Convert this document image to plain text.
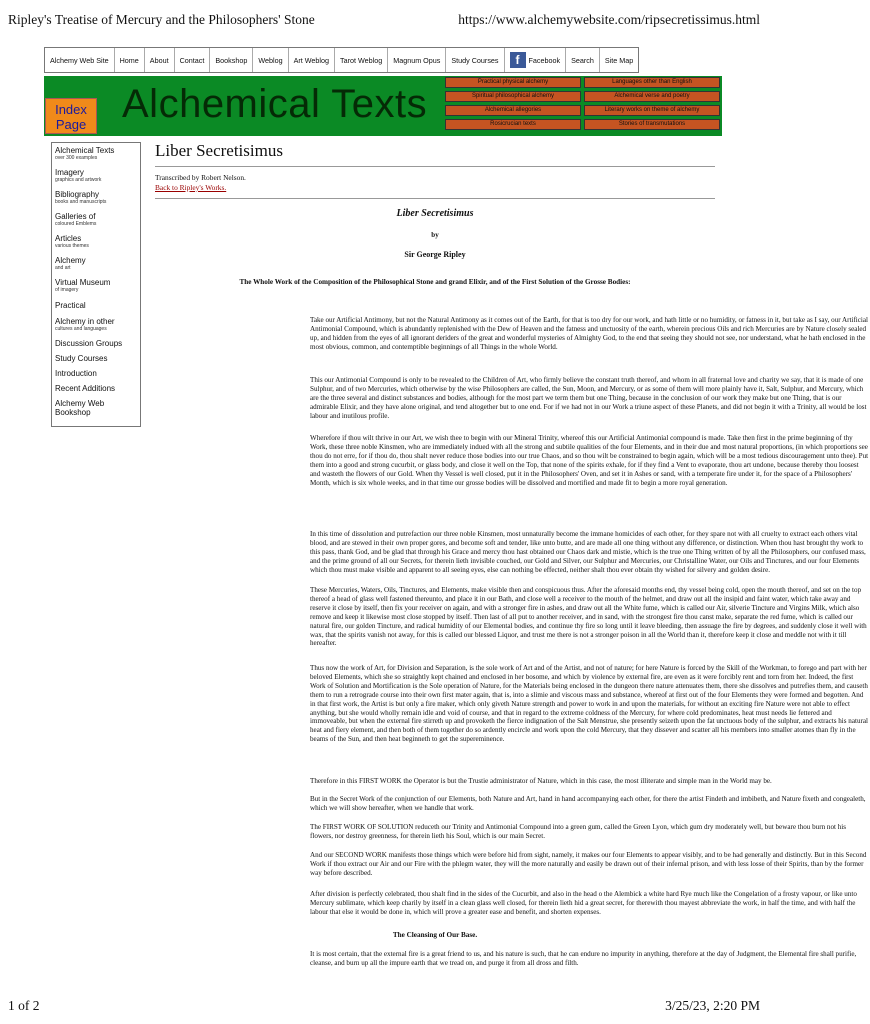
Ripley's Treatise of Mercury and the Philosophers' Stone	https://www.alchemywebsite.com/ripsecretissimus.html
Alchemy Web Site	Home	About	Contact	Bookshop	Weblog	Art Weblog	Tarot Weblog	Magnum Opus	Study Courses	f	Facebook	Search	Site Map
Index Page Alchemical Texts	Practical physical alchemy	Languages other than English
Spiritual philosophical alchemy	Alchemical verse and poetry
Alchemical allegories	Literary works on theme of alchemy
Rosicrucian texts	Stories of transmutations
Alchemical Texts
over 300 examples
Imagery
graphics and artwork
Bibliography
books and manuscripts
Galleries of
coloured Emblems
Articles
various themes
Alchemy
and art
Virtual Museum
of imagery
Practical
Alchemy in other
cultures and languages
Discussion Groups
Study Courses
Introduction
Recent Additions
Alchemy Web Bookshop
Liber Secretisimus
Transcribed by Robert Nelson.
Back to Ripley's Works.
Liber Secretisimus
by
Sir George Ripley
The Whole Work of the Composition of the Philosophical Stone and grand Elixir, and of the First Solution of the Grosse Bodies:

Take our Artificial Antimony, but not the Natural Antimony as it comes out of the Earth, for that is too dry for our work, and hath little or no humidity, or fatness in it, but take as I say, our Artificial Antimonial Compound, which is abundantly replenished with the Dew of Heaven and the fatness and unctuosity of the earth, wherein precious Oils and rich Mercuries are by Nature closely sealed up, and hidden from the eyes of all ignorant deriders of the great and wonderful mysteries of Almighty God, to the end that seeing they should not see, nor understand, what he hath enclosed in the most obvious, common, and contemptible beginnings of all Things in the whole World.

This our Antimonial Compound is only to be revealed to the Children of Art, who firmly believe the constant truth thereof, and whom in all fraternal love and charity we say, that it is made of one Sulphur, and of two Mercuries, which otherwise by the wise Philosophers are called, the Sun, Moon, and Mercury, or as some of them will more plainly have it, Salt, Sulphur, and Mercury, which are the three several and distinct substances and bodies, although for the most part we term them but one Thing, because in the conclusion of our work they make but one Thing, that is our admirable Elixir, and they have alone original, and tend altogether but to one end. For if we had not in our Work a triune aspect of these Planets, and did not begin it with a Trinity, all would be lost labour and inutilous profile.

Wherefore if thou wilt thrive in our Art, we wish thee to begin with our Mineral Trinity, whereof this our Artificial Antimonial compound is made. Take then first in the prime beginning of thy Work, these three noble Kinsmen, who are immediately indued with all the strong and subtile qualities of the four Elements, and in their due and most natural proportions, (in which proportions see thou do not erre, for if thou do, thou shalt never reduce those bodies into our true Chaos, and so thou wilt be constrained to begin again, which will be a most tedious discouragement unto thee). Put them into a good and strong cucurbit, or glass body, and close it well on the Top, that none of the spirits exhale, for if they find a Vent to evaporate, thou art undone, because thereby thou loosest and wasteth the flowers of our Gold. When thy Vessel is well closed, put it in the Philosophers' Oven, and set it in Ashes or sand, with a temperate fire under it, for the space of a Philosophers' Month, which is six whole weeks, and in that time our grosse bodies will be dissolved and mortified and made fit to begin a more royal generation.

In this time of dissolution and putrefaction our three noble Kinsmen, most unnaturally become the immane homicides of each other, for they spare not with all cruelty to extract each others vital blood, and are stewed in their own proper gores, and become soft and tender, like unto butte, and are made all one thing without any difference, or distinction. When thou hast brought thy work to this pass, thank God, and be glad that through his Grace and mercy thou hast obtained our Chaos dark and mistie, which is the true one Thing written of by all the Philosophers, our confused mass, and the prime ground of all our Secrets, for therein lieth invisible couched, our Gold and Silver, our Sulphur and Mercuries, our Christalline Water, our Oils and Tinctures, and our four Elements which thou must make visible and apparent to all seeing eyes, else can nothing be effected, neither shalt thou ever obtain thy wished for silvery and golden desire.

These Mercuries, Waters, Oils, Tinctures, and Elements, make visible then and conspicuous thus. After the aforesaid months end, thy vessel being cold, open the mouth thereof, and set on the top thereof a head of glass well fastened thereunto, and place it in our Bath, and close well a receiver to the mouth of the helmet, and draw out all the insipid and faint water, which take away and reserve it close by itself, then fix your receiver on again, and with a stronger fire in ashes, and draw out all the White fume, which is called our Air, silverie Tincture and Virgins Milk, which also remove and keep it likewise most close stopped by itself. Then last of all put to another receiver, and in sand, with the strongest fire thou canst make, separate the red fume, which is called our natural fire, our golden Tincture, and radical humidity of our Elemental bodies, and continue thy fire so long until it leave bleeding, then assuage the fire by degrees, and suddenly close it well with wax, that the spirits vanish not away, for this is called our blessed Liquor, and trust me there is not a stronger poison in all the World than it, therefore keep it close and meddle not with it till hereafter.

Thus now the work of Art, for Division and Separation, is the sole work of Art and of the Artist, and not of nature; for here Nature is forced by the Skill of the Workman, to forego and part with her beloved Elements, which she so straightly kept chained and enclosed in her bosome, and which by violence by external fire, are even as it were forcibly rent and torn from her. Indeed, the first Work of Solution and Mortification is the Sole operation of Nature, for the Materials being enclosed in the dungeon there nature attenuates them, there she dissolves and putrefies them, and causeth them to run a retrograde course into their own first mater again, that is, into a slimie and viscous mass and substance, whereof at first out of the four Elements they were formed and begotten. And in that first work, the Artist is but only a fire maker, which only giveth Nature strength and power to work in and upon the materials, for without an exciting fire Nature were not able to effect anything, but she would wholly remain idle and void of course, and that in regard to the extreme coldness of the Mercury, for where cold predominates, heat must needs lie fettered and immoveable, but when the external fire stirreth up and provoketh the fierce indignation of the Salt Menstrue, she presently seizeth upon the fat unctuous body of the sulphur, and extracts his natural heat and fiery element, and then both of them together do so ardently encircle and work upon the cold Mercury, that they dissever and scatter all his members into smaller atomes than fly in the beams of the Sun, and then heat beginneth to get the supereminence.

Therefore in this FIRST WORK the Operator is but the Trustie administrator of Nature, which in this case, the most illiterate and simple man in the World may be.

But in the Secret Work of the conjunction of our Elements, both Nature and Art, hand in hand accompanying each other, for there the artist Findeth and imbibeth, and Nature fixeth and congealeth, which we will show hereafter, when we handle that work.

The FIRST WORK OF SOLUTION reduceth our Trinity and Antimonial Compound into a green gum, called the Green Lyon, which gum dry moderately well, but beware thou burn not his flowers, nor destroy greenness, for therein lieth his Soul, which is our main Secret.

And our SECOND WORK manifests those things which were before hid from sight, namely, it makes our four Elements to appear visibly, and to be had generally and distinctly. But in this Second Work if thou extract our Air and our Fire with the phlegm water, they will the more naturally and easily be drawn out of their infernal prison, and with less losse of their Spirits, than by the former way before described.

After division is perfectly celebrated, thou shalt find in the sides of the Cucurbit, and also in the head o the Alembick a white hard Rye much like the Congelation of a frosty vapour, or like unto Mercury sublimate, which keep charily by itself in a clean glass well closed, for therein lieth hid a great secret, for therewith thou mayest abbreviate the work, in half the time, and with half the labour that else it would be done in, which will prove a greater ease and benefit, and shorten expenses.

It is most certain, that the external fire is a great friend to us, and his nature is such, that he can endure no impurity in anything, therefore at the day of Judgment, the Elemental fire shall purifie, cleanse, and burn up all the impure earth that we tread on, and purge it from all dross and filth.

The Cleansing of Our Base.
1 of 2	3/25/23, 2:20 PM
